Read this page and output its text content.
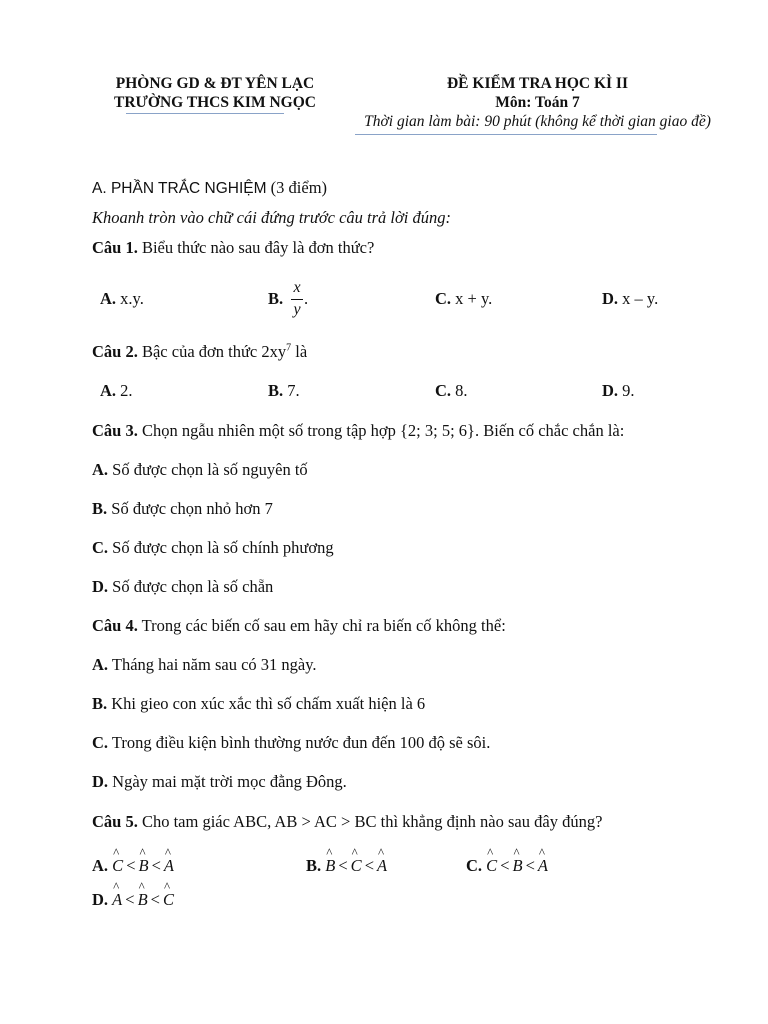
PHÒNG GD & ĐT YÊN LẠC
TRƯỜNG THCS KIM NGỌC
ĐỀ KIỂM TRA HỌC KÌ II
Môn: Toán 7
Thời gian làm bài: 90 phút (không kể thời gian giao đề)
A. PHẦN TRẮC NGHIỆM (3 điểm)
Khoanh tròn vào chữ cái đứng trước câu trả lời đúng:
Câu 1. Biểu thức nào sau đây là đơn thức?
A. x.y.	B.
x
y
.	C. x + y.	D. x – y.
Câu 2. Bậc của đơn thức $2xy^7$ là
A. 2.	B. 7.	C. 8.	D. 9.
Câu 3. Chọn ngẫu nhiên một số trong tập hợp {2; 3; 5; 6}. Biến cố chắc chắn là:
A. Số được chọn là số nguyên tố
B. Số được chọn nhỏ hơn 7
C. Số được chọn là số chính phương
D. Số được chọn là số chẵn
Câu 4. Trong các biến cố sau em hãy chỉ ra biến cố không thể:
A. Tháng hai năm sau có 31 ngày.
B. Khi gieo con xúc xắc thì số chấm xuất hiện là 6
C. Trong điều kiện bình thường nước đun đến 100 độ sẽ sôi.
D. Ngày mai mặt trời mọc đằng Đông.
Câu 5. Cho tam giác ABC, AB > AC > BC thì khẳng định nào sau đây đúng?
A. ^ C < ^ B < ^ A	B. ^ B < ^ C < ^ A	C. ^ C < ^ B < ^ A
D. ^ A < ^ B < ^ C
